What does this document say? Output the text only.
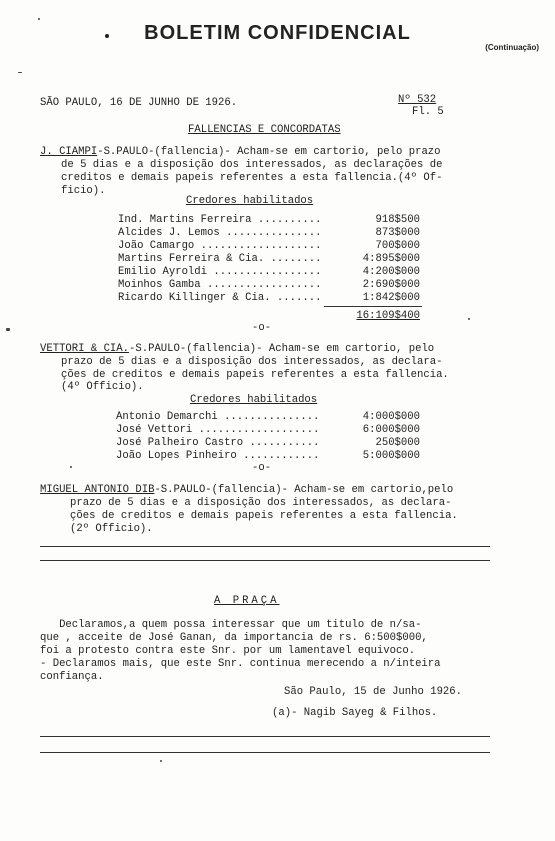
BOLETIM CONFIDENCIAL
(Continuação)
SÃO PAULO, 16 DE JUNHO DE 1926.	Nº 532
Fl. 5
FALLENCIAS E CONCORDATAS
J. CIAMPI-S.PAULO-(fallencia)- Acham-se em cartorio, pelo prazo
de 5 dias e a disposição dos interessados, as declarações de
creditos e demais papeis referentes a esta fallencia.(4º Of-
ficio).
Credores habilitados
Ind. Martins Ferreira ..........	918$500
Alcides J. Lemos ...............	873$000
João Camargo ...................	700$000
Martins Ferreira & Cia. ........	4:895$000
Emilio Ayroldi .................	4:200$000
Moinhos Gamba ..................	2:690$000
Ricardo Killinger & Cia. .......	1:842$000
16:109$400
-o-
VETTORI & CIA.-S.PAULO-(fallencia)- Acham-se em cartorio, pelo
prazo de 5 dias e a disposição dos interessados, as declara-
ções de creditos e demais papeis referentes a esta fallencia.
(4º Officio).
Credores habilitados
Antonio Demarchi ...............	4:000$000
José Vettori ...................	6:000$000
José Palheiro Castro ...........	250$000
João Lopes Pinheiro ............	5:000$000
-o-
MIGUEL ANTONIO DIB-S.PAULO-(fallencia)- Acham-se em cartorio,pelo
prazo de 5 dias e a disposição dos interessados, as declara-
ções de creditos e demais papeis referentes a esta fallencia.
(2º Officio).
A PRAÇA
Declaramos,a quem possa interessar que um titulo de n/sa-
que , acceite de José Ganan, da importancia de rs. 6:500$000,
foi a protesto contra este Snr. por um lamentavel equivoco.
- Declaramos mais, que este Snr. continua merecendo a n/inteira
confiança.
São Paulo, 15 de Junho 1926.
(a)- Nagib Sayeg & Filhos.
